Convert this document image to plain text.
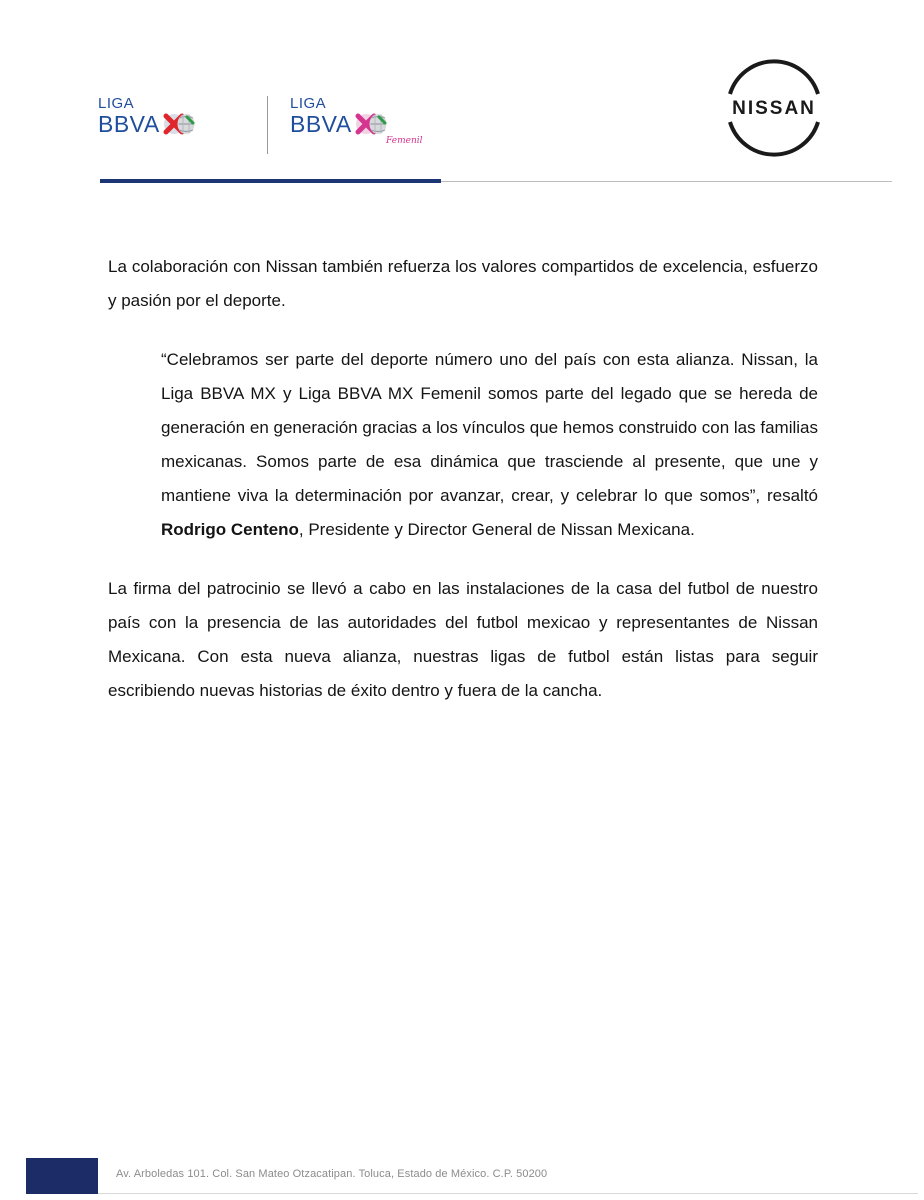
LIGA
BBVA
LIGA
BBVA
Femenil
NISSAN

La colaboración con Nissan también refuerza los valores compartidos de excelencia, esfuerzo y pasión por el deporte.

“Celebramos ser parte del deporte número uno del país con esta alianza. Nissan, la Liga BBVA MX y Liga BBVA MX Femenil somos parte del legado que se hereda de generación en generación gracias a los vínculos que hemos construido con las familias mexicanas. Somos parte de esa dinámica que trasciende al presente, que une y mantiene viva la determinación por avanzar, crear, y celebrar lo que somos”, resaltó Rodrigo Centeno, Presidente y Director General de Nissan Mexicana.

La firma del patrocinio se llevó a cabo en las instalaciones de la casa del futbol de nuestro país con la presencia de las autoridades del futbol mexicao y representantes de Nissan Mexicana. Con esta nueva alianza, nuestras ligas de futbol están listas para seguir escribiendo nuevas historias de éxito dentro y fuera de la cancha.

Av. Arboledas 101. Col. San Mateo Otzacatipan. Toluca, Estado de México. C.P. 50200
